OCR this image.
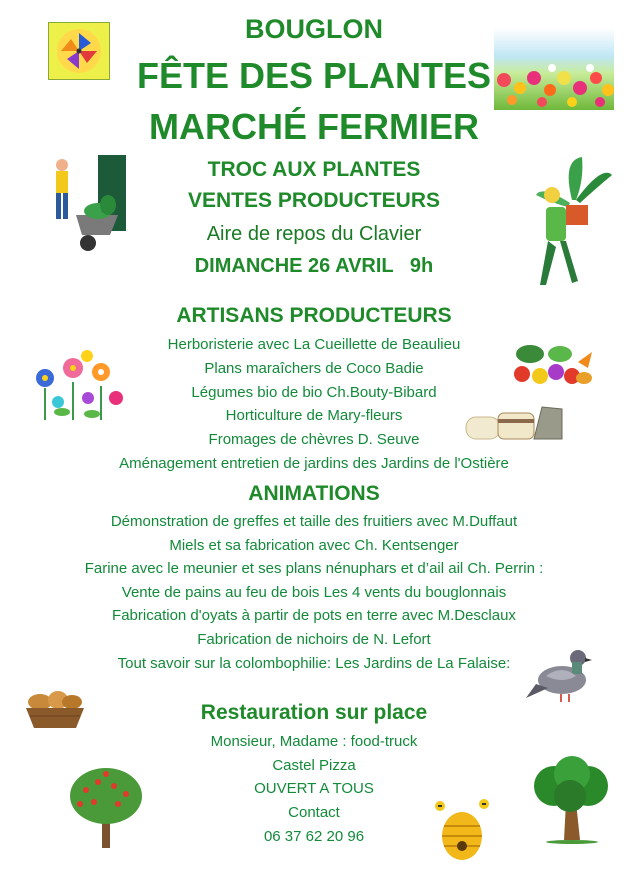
BOUGLON
FÊTE DES PLANTES
MARCHÉ FERMIER
TROC AUX PLANTES
VENTES PRODUCTEURS
Aire de repos du Clavier
DIMANCHE 26 AVRIL   9h
ARTISANS PRODUCTEURS
Herboristerie avec La Cueillette de Beaulieu
Plans maraîchers de Coco Badie
Légumes bio de bio Ch.Bouty-Bibard
Horticulture de Mary-fleurs
Fromages de chèvres D. Seuve
Aménagement entretien de jardins des Jardins de l'Ostière
ANIMATIONS
Démonstration de greffes et taille des fruitiers avec M.Duffaut
Miels et sa fabrication avec Ch. Kentsenger
Farine avec le meunier et ses plans nénuphars et d’ail ail Ch. Perrin :
Vente de pains au feu de bois Les 4 vents du bouglonnais
Fabrication d'oyats à partir de pots en terre avec M.Desclaux
Fabrication de nichoirs de N. Lefort
Tout savoir sur la colombophilie: Les Jardins de La Falaise:
Restauration sur place
Monsieur, Madame : food-truck
Castel Pizza
OUVERT A TOUS
Contact
06 37 62 20 96
